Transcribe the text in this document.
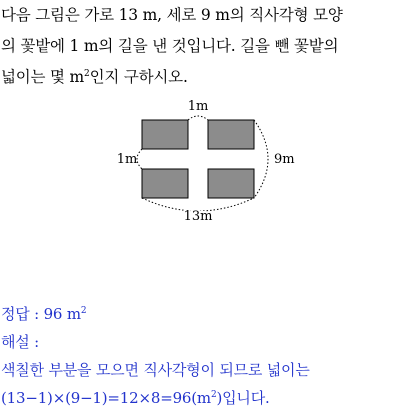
다음 그림은 가로 13 m, 세로 9 m의 직사각형 모양

의 꽃밭에 1 m의 길을 낸 것입니다. 길을 뺀 꽃밭의

넓이는 몇 $m^2$인지 구하시오.

1m
1m	9m
13m

정답 : 96 $m^2$

해설 :

색칠한 부분을 모으면 직사각형이 되므로 넓이는

$(13-1)\times(9-1)=12\times 8=96(m^2)$입니다.
